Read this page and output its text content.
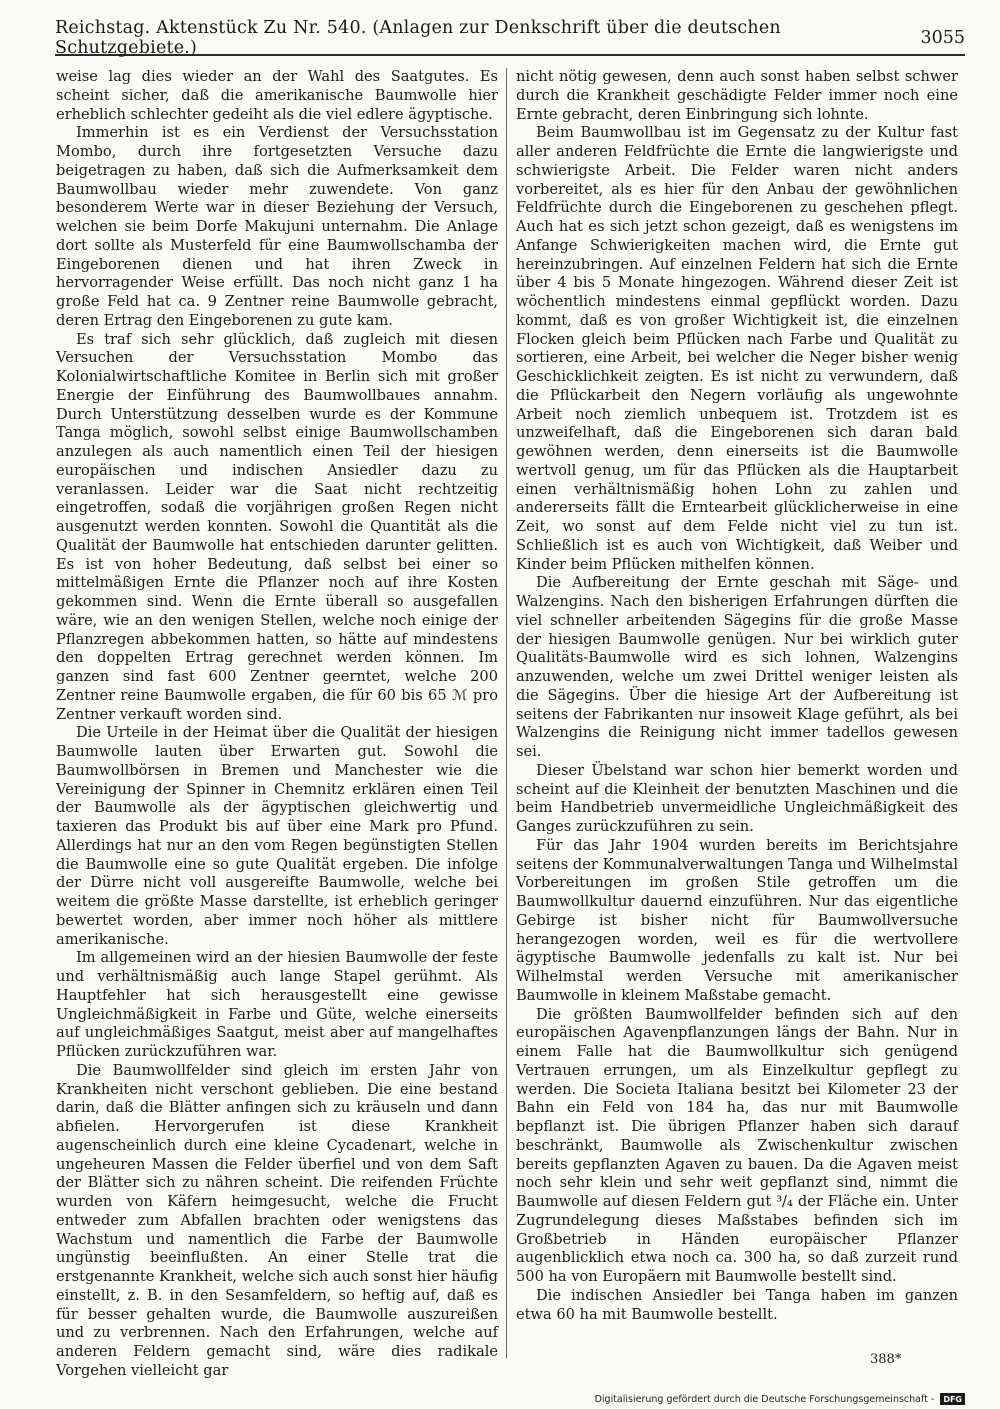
Reichstag. Aktenstück Zu Nr. 540. (Anlagen zur Denkschrift über die deutschen Schutzgebiete.)	3055

weise lag dies wieder an der Wahl des Saatgutes. Es scheint sicher, daß die amerikanische Baumwolle hier erheblich schlechter gedeiht als die viel edlere ägyptische.

Immerhin ist es ein Verdienst der Versuchsstation Mombo, durch ihre fortgesetzten Versuche dazu beigetragen zu haben, daß sich die Aufmerksamkeit dem Baumwollbau wieder mehr zuwendete. Von ganz besonderem Werte war in dieser Beziehung der Versuch, welchen sie beim Dorfe Makujuni unternahm. Die Anlage dort sollte als Musterfeld für eine Baumwollschamba der Eingeborenen dienen und hat ihren Zweck in hervorragender Weise erfüllt. Das noch nicht ganz 1 ha große Feld hat ca. 9 Zentner reine Baumwolle gebracht, deren Ertrag den Eingeborenen zu gute kam.

Es traf sich sehr glücklich, daß zugleich mit diesen Versuchen der Versuchsstation Mombo das Kolonialwirtschaftliche Komitee in Berlin sich mit großer Energie der Einführung des Baumwollbaues annahm. Durch Unterstützung desselben wurde es der Kommune Tanga möglich, sowohl selbst einige Baumwollschamben anzulegen als auch namentlich einen Teil der hiesigen europäischen und indischen Ansiedler dazu zu veranlassen. Leider war die Saat nicht rechtzeitig eingetroffen, sodaß die vorjährigen großen Regen nicht ausgenutzt werden konnten. Sowohl die Quantität als die Qualität der Baumwolle hat entschieden darunter gelitten. Es ist von hoher Bedeutung, daß selbst bei einer so mittelmäßigen Ernte die Pflanzer noch auf ihre Kosten gekommen sind. Wenn die Ernte überall so ausgefallen wäre, wie an den wenigen Stellen, welche noch einige der Pflanzregen abbekommen hatten, so hätte auf mindestens den doppelten Ertrag gerechnet werden können. Im ganzen sind fast 600 Zentner geerntet, welche 200 Zentner reine Baumwolle ergaben, die für 60 bis 65 ℳ pro Zentner verkauft worden sind.

Die Urteile in der Heimat über die Qualität der hiesigen Baumwolle lauten über Erwarten gut. Sowohl die Baumwollbörsen in Bremen und Manchester wie die Vereinigung der Spinner in Chemnitz erklären einen Teil der Baumwolle als der ägyptischen gleichwertig und taxieren das Produkt bis auf über eine Mark pro Pfund. Allerdings hat nur an den vom Regen begünstigten Stellen die Baumwolle eine so gute Qualität ergeben. Die infolge der Dürre nicht voll ausgereifte Baumwolle, welche bei weitem die größte Masse darstellte, ist erheblich geringer bewertet worden, aber immer noch höher als mittlere amerikanische.

Im allgemeinen wird an der hiesien Baumwolle der feste und verhältnismäßig auch lange Stapel gerühmt. Als Hauptfehler hat sich herausgestellt eine gewisse Ungleichmäßigkeit in Farbe und Güte, welche einerseits auf ungleichmäßiges Saatgut, meist aber auf mangelhaftes Pflücken zurückzuführen war.

Die Baumwollfelder sind gleich im ersten Jahr von Krankheiten nicht verschont geblieben. Die eine bestand darin, daß die Blätter anfingen sich zu kräuseln und dann abfielen. Hervorgerufen ist diese Krankheit augenscheinlich durch eine kleine Cycadenart, welche in ungeheuren Massen die Felder überfiel und von dem Saft der Blätter sich zu nähren scheint. Die reifenden Früchte wurden von Käfern heimgesucht, welche die Frucht entweder zum Abfallen brachten oder wenigstens das Wachstum und namentlich die Farbe der Baumwolle ungünstig beeinflußten. An einer Stelle trat die erstgenannte Krankheit, welche sich auch sonst hier häufig einstellt, z. B. in den Sesamfeldern, so heftig auf, daß es für besser gehalten wurde, die Baumwolle auszureißen und zu verbrennen. Nach den Erfahrungen, welche auf anderen Feldern gemacht sind, wäre dies radikale Vorgehen vielleicht gar

nicht nötig gewesen, denn auch sonst haben selbst schwer durch die Krankheit geschädigte Felder immer noch eine Ernte gebracht, deren Einbringung sich lohnte.

Beim Baumwollbau ist im Gegensatz zu der Kultur fast aller anderen Feldfrüchte die Ernte die langwierigste und schwierigste Arbeit. Die Felder waren nicht anders vorbereitet, als es hier für den Anbau der gewöhnlichen Feldfrüchte durch die Eingeborenen zu geschehen pflegt. Auch hat es sich jetzt schon gezeigt, daß es wenigstens im Anfange Schwierigkeiten machen wird, die Ernte gut hereinzubringen. Auf einzelnen Feldern hat sich die Ernte über 4 bis 5 Monate hingezogen. Während dieser Zeit ist wöchentlich mindestens einmal gepflückt worden. Dazu kommt, daß es von großer Wichtigkeit ist, die einzelnen Flocken gleich beim Pflücken nach Farbe und Qualität zu sortieren, eine Arbeit, bei welcher die Neger bisher wenig Geschicklichkeit zeigten. Es ist nicht zu verwundern, daß die Pflückarbeit den Negern vorläufig als ungewohnte Arbeit noch ziemlich unbequem ist. Trotzdem ist es unzweifelhaft, daß die Eingeborenen sich daran bald gewöhnen werden, denn einerseits ist die Baumwolle wertvoll genug, um für das Pflücken als die Hauptarbeit einen verhältnismäßig hohen Lohn zu zahlen und andererseits fällt die Erntearbeit glücklicherweise in eine Zeit, wo sonst auf dem Felde nicht viel zu tun ist. Schließlich ist es auch von Wichtigkeit, daß Weiber und Kinder beim Pflücken mithelfen können.

Die Aufbereitung der Ernte geschah mit Säge- und Walzengins. Nach den bisherigen Erfahrungen dürften die viel schneller arbeitenden Sägegins für die große Masse der hiesigen Baumwolle genügen. Nur bei wirklich guter Qualitäts-Baumwolle wird es sich lohnen, Walzengins anzuwenden, welche um zwei Drittel weniger leisten als die Sägegins. Über die hiesige Art der Aufbereitung ist seitens der Fabrikanten nur insoweit Klage geführt, als bei Walzengins die Reinigung nicht immer tadellos gewesen sei.

Dieser Übelstand war schon hier bemerkt worden und scheint auf die Kleinheit der benutzten Maschinen und die beim Handbetrieb unvermeidliche Ungleichmäßigkeit des Ganges zurückzuführen zu sein.

Für das Jahr 1904 wurden bereits im Berichtsjahre seitens der Kommunalverwaltungen Tanga und Wilhelmstal Vorbereitungen im großen Stile getroffen um die Baumwollkultur dauernd einzuführen. Nur das eigentliche Gebirge ist bisher nicht für Baumwollversuche herangezogen worden, weil es für die wertvollere ägyptische Baumwolle jedenfalls zu kalt ist. Nur bei Wilhelmstal werden Versuche mit amerikanischer Baumwolle in kleinem Maßstabe gemacht.

Die größten Baumwollfelder befinden sich auf den europäischen Agavenpflanzungen längs der Bahn. Nur in einem Falle hat die Baumwollkultur sich genügend Vertrauen errungen, um als Einzelkultur gepflegt zu werden. Die Societa Italiana besitzt bei Kilometer 23 der Bahn ein Feld von 184 ha, das nur mit Baumwolle bepflanzt ist. Die übrigen Pflanzer haben sich darauf beschränkt, Baumwolle als Zwischenkultur zwischen bereits gepflanzten Agaven zu bauen. Da die Agaven meist noch sehr klein und sehr weit gepflanzt sind, nimmt die Baumwolle auf diesen Feldern gut ³/₄ der Fläche ein. Unter Zugrundelegung dieses Maßstabes befinden sich im Großbetrieb in Händen europäischer Pflanzer augenblicklich etwa noch ca. 300 ha, so daß zurzeit rund 500 ha von Europäern mit Baumwolle bestellt sind.

Die indischen Ansiedler bei Tanga haben im ganzen etwa 60 ha mit Baumwolle bestellt.

388*
Digitalisierung gefördert durch die Deutsche Forschungsgemeinschaft -	DFG
